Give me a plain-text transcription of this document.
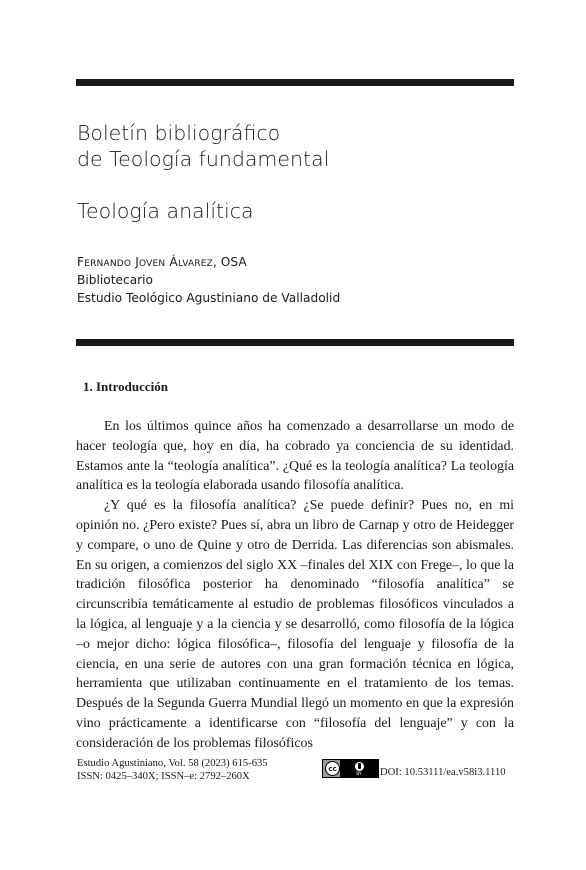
Boletín bibliográfico
de Teología fundamental
Teología analítica
Fernando Joven Álvarez, OSA
Bibliotecario
Estudio Teológico Agustiniano de Valladolid
1. Introducción

En los últimos quince años ha comenzado a desarrollarse un modo de hacer teología que, hoy en día, ha cobrado ya conciencia de su identidad. Estamos ante la “teología analítica”. ¿Qué es la teología analítica? La teología analítica es la teología elaborada usando filosofía analítica.

¿Y qué es la filosofía analítica? ¿Se puede definir? Pues no, en mi opinión no. ¿Pero existe? Pues sí, abra un libro de Carnap y otro de Heidegger y compare, o uno de Quine y otro de Derrida. Las diferencias son abismales. En su origen, a comienzos del siglo XX –finales del XIX con Frege–, lo que la tradición filosófica posterior ha denominado “filosofía analítica” se circunscribía temáticamente al estudio de problemas filosóficos vinculados a la lógica, al lenguaje y a la ciencia y se desarrolló, como filosofía de la lógica –o mejor dicho: lógica filosófica–, filosofía del lenguaje y filosofía de la ciencia, en una serie de autores con una gran formación técnica en lógica, herramienta que utilizaban continuamente en el tratamiento de los temas. Después de la Segunda Guerra Mundial llegó un momento en que la expresión vino prácticamente a identificarse con “filosofía del lenguaje” y con la consideración de los problemas filosóficos

Estudio Agustiniano, Vol. 58 (2023) 615-635
ISSN: 0425–340X; ISSN–e: 2792–260X
cc
BY DOI: 10.53111/ea.v58i3.1110
